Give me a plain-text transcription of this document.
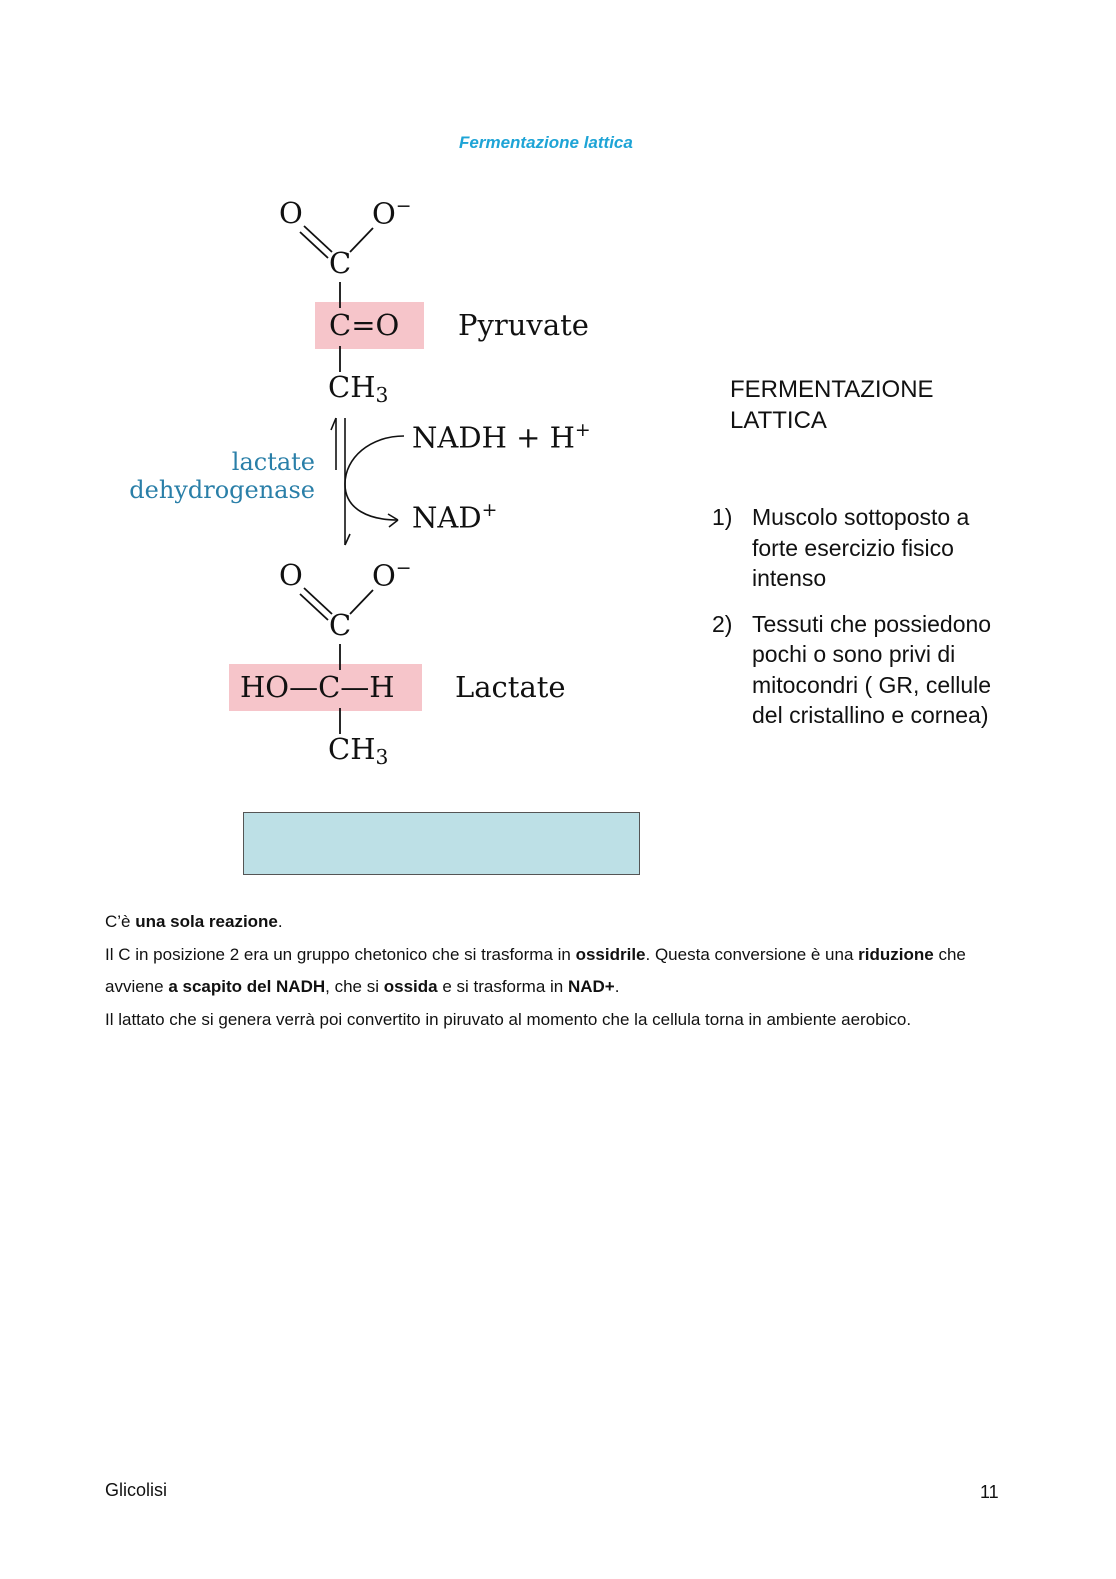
Fermentazione lattica
O O−
C
C=O
$CH_3$
Pyruvate
NADH + H+
NAD+
lactate
dehydrogenase
O O−
C
HO—C—H
$CH_3$
Lactate
FERMENTAZIONE
LATTICA
1) Muscolo sottoposto a forte esercizio fisico intenso
2) Tessuti che possiedono pochi o sono privi di mitocondri ( GR, cellule del cristallino e cornea)

C’è una sola reazione.

Il C in posizione 2 era un gruppo chetonico che si trasforma in ossidrile. Questa conversione è una riduzione che avviene a scapito del NADH, che si ossida e si trasforma in NAD+.

Il lattato che si genera verrà poi convertito in piruvato al momento che la cellula torna in ambiente aerobico.

Glicolisi	11
